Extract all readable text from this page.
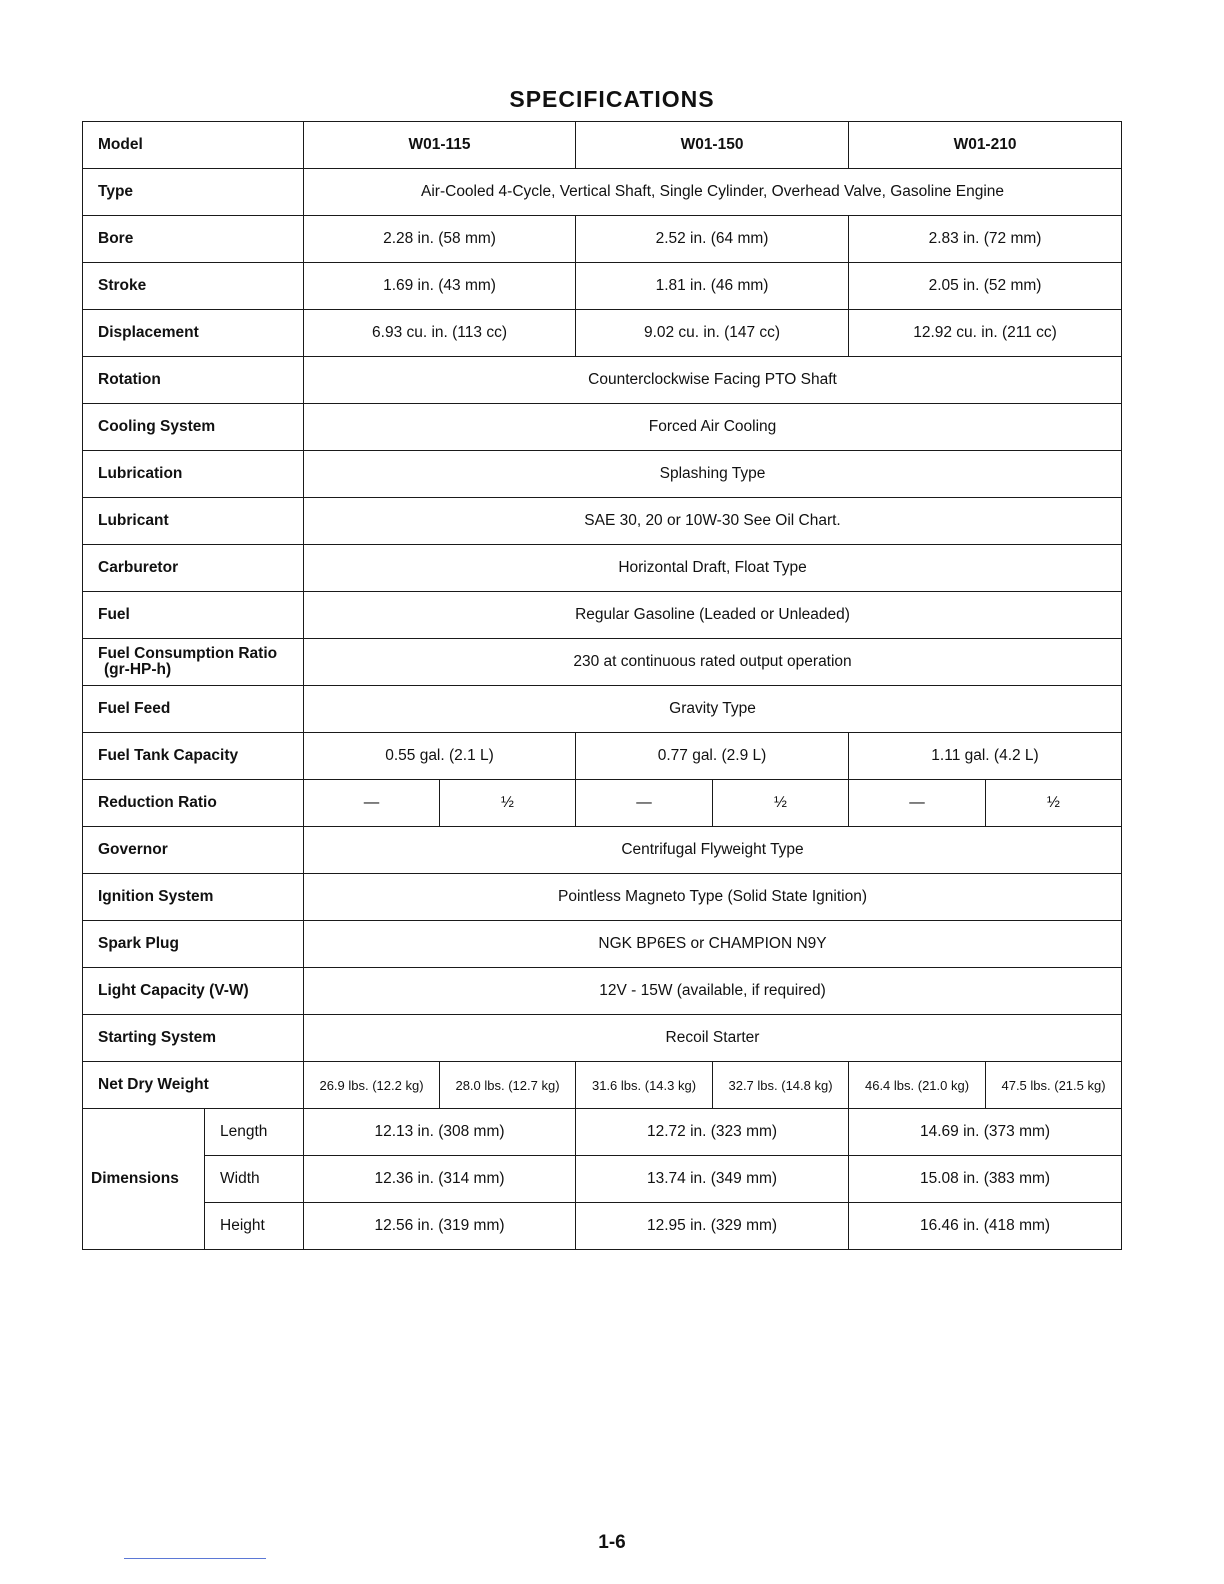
SPECIFICATIONS
Model		W01-115		W01-150		W01-210	
Type		Air-Cooled 4-Cycle, Vertical Shaft, Single Cylinder, Overhead Valve, Gasoline Engine					
Bore		2.28 in. (58 mm)		2.52 in. (64 mm)		2.83 in. (72 mm)	
Stroke		1.69 in. (43 mm)		1.81 in. (46 mm)		2.05 in. (52 mm)	
Displacement		6.93 cu. in. (113 cc)		9.02 cu. in. (147 cc)		12.92 cu. in. (211 cc)	
Rotation		Counterclockwise Facing PTO Shaft					
Cooling System		Forced Air Cooling					
Lubrication		Splashing Type					
Lubricant		SAE 30, 20 or 10W-30 See Oil Chart.					
Carburetor		Horizontal Draft, Float Type					
Fuel		Regular Gasoline (Leaded or Unleaded)					
Fuel Consumption Ratio
(gr-HP-h)		230 at continuous rated output operation					
Fuel Feed		Gravity Type					
Fuel Tank Capacity		0.55 gal. (2.1 L)		0.77 gal. (2.9 L)		1.11 gal. (4.2 L)	
Reduction Ratio		—	½	—	½	—	½
Governor		Centrifugal Flyweight Type					
Ignition System		Pointless Magneto Type (Solid State Ignition)					
Spark Plug		NGK BP6ES or CHAMPION N9Y					
Light Capacity (V-W)		12V - 15W (available, if required)					
Starting System		Recoil Starter					
Net Dry Weight		26.9 lbs. (12.2 kg)	28.0 lbs. (12.7 kg)	31.6 lbs. (14.3 kg)	32.7 lbs. (14.8 kg)	46.4 lbs. (21.0 kg)	47.5 lbs. (21.5 kg)
Dimensions	Length	12.13 in. (308 mm)		12.72 in. (323 mm)		14.69 in. (373 mm)	
	Width	12.36 in. (314 mm)		13.74 in. (349 mm)		15.08 in. (383 mm)	
	Height	12.56 in. (319 mm)		12.95 in. (329 mm)		16.46 in. (418 mm)	
1-6
